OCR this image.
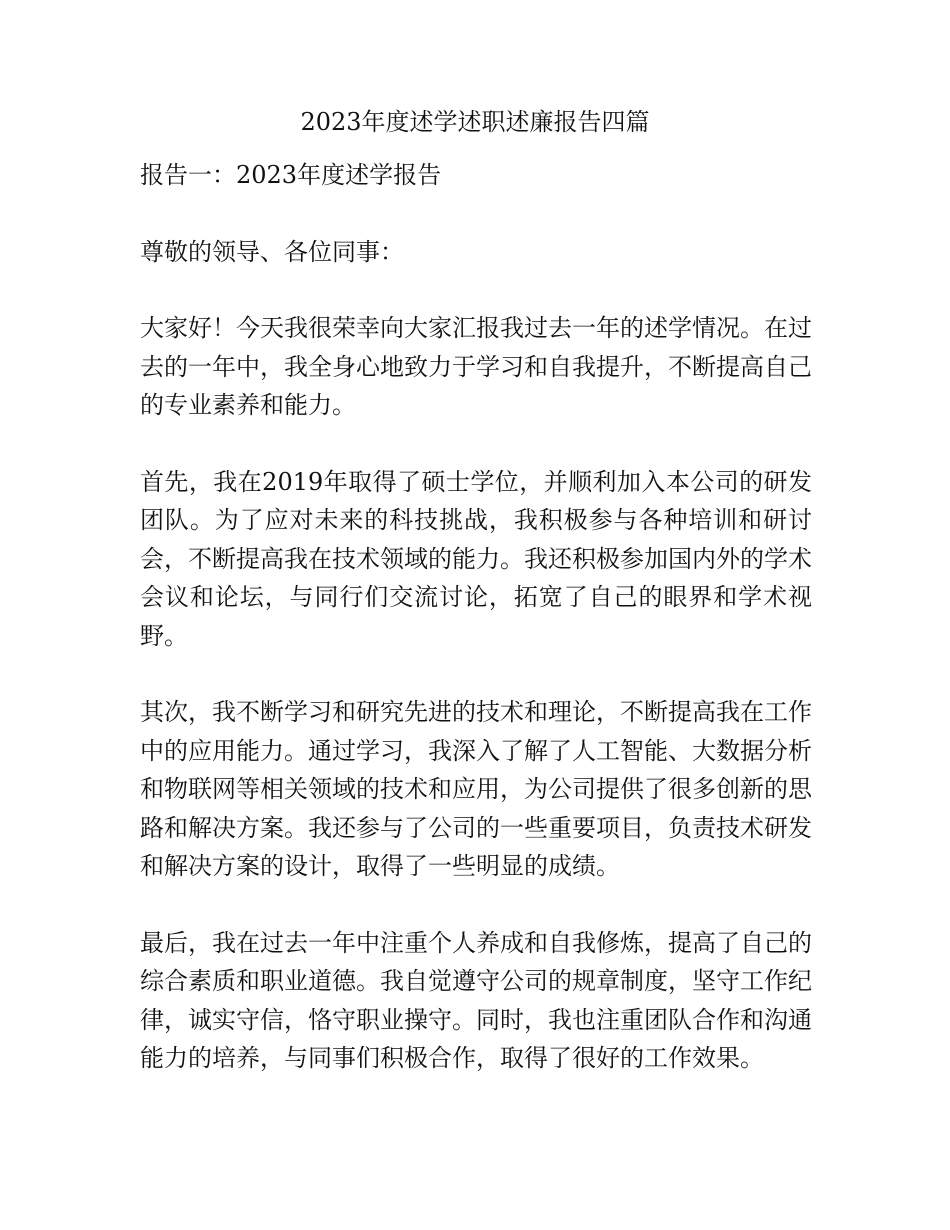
2023年度述学述职述廉报告四篇
报告一：2023年度述学报告

尊敬的领导、各位同事：

大家好！今天我很荣幸向大家汇报我过去一年的述学情况。在过去的一年中，我全身心地致力于学习和自我提升，不断提高自己的专业素养和能力。

首先，我在2019年取得了硕士学位，并顺利加入本公司的研发团队。为了应对未来的科技挑战，我积极参与各种培训和研讨会，不断提高我在技术领域的能力。我还积极参加国内外的学术会议和论坛，与同行们交流讨论，拓宽了自己的眼界和学术视野。

其次，我不断学习和研究先进的技术和理论，不断提高我在工作中的应用能力。通过学习，我深入了解了人工智能、大数据分析和物联网等相关领域的技术和应用，为公司提供了很多创新的思路和解决方案。我还参与了公司的一些重要项目，负责技术研发和解决方案的设计，取得了一些明显的成绩。

最后，我在过去一年中注重个人养成和自我修炼，提高了自己的综合素质和职业道德。我自觉遵守公司的规章制度，坚守工作纪律，诚实守信，恪守职业操守。同时，我也注重团队合作和沟通能力的培养，与同事们积极合作，取得了很好的工作效果。
